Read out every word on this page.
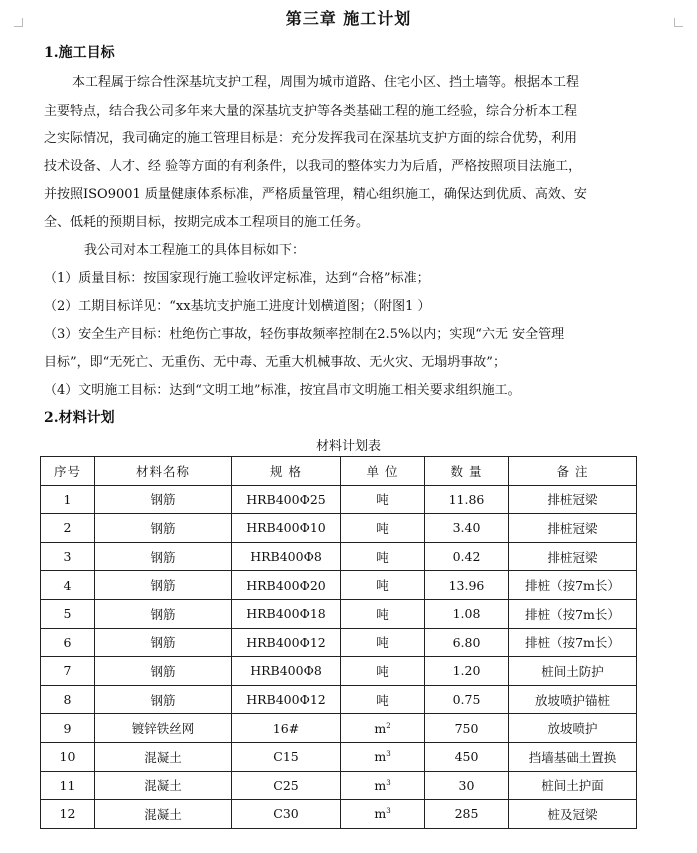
第三章 施工计划
1.施工目标
本工程属于综合性深基坑支护工程，周围为城市道路、住宅小区、挡土墙等。根据本工程
主要特点，结合我公司多年来大量的深基坑支护等各类基础工程的施工经验，综合分析本工程
之实际情况，我司确定的施工管理目标是：充分发挥我司在深基坑支护方面的综合优势，利用
技术设备、人才、经 验等方面的有利条件，以我司的整体实力为后盾，严格按照项目法施工，
并按照ISO9001 质量健康体系标准，严格质量管理，精心组织施工，确保达到优质、高效、安
全、低耗的预期目标，按期完成本工程项目的施工任务。
我公司对本工程施工的具体目标如下：
（1）质量目标：按国家现行施工验收评定标准，达到“合格”标准；
（2）工期目标详见：“xx基坑支护施工进度计划横道图；（附图1 ）
（3）安全生产目标：杜绝伤亡事故，轻伤事故频率控制在2.5%以内；实现“六无 安全管理
目标”，即“无死亡、无重伤、无中毒、无重大机械事故、无火灾、无塌坍事故”；
（4）文明施工目标：达到“文明工地”标准，按宜昌市文明施工相关要求组织施工。
2.材料计划
材料计划表
序号	材料名称	规 格	单 位	数 量	备 注
1	钢筋	HRB400Φ25	吨	11.86	排桩冠梁
2	钢筋	HRB400Φ10	吨	3.40	排桩冠梁
3	钢筋	HRB400Φ8	吨	0.42	排桩冠梁
4	钢筋	HRB400Φ20	吨	13.96	排桩（按7m长）
5	钢筋	HRB400Φ18	吨	1.08	排桩（按7m长）
6	钢筋	HRB400Φ12	吨	6.80	排桩（按7m长）
7	钢筋	HRB400Φ8	吨	1.20	桩间土防护
8	钢筋	HRB400Φ12	吨	0.75	放坡喷护锚桩
9	镀锌铁丝网	16#	$m^2$	750	放坡喷护
10	混凝土	C15	$m^3$	450	挡墙基础土置换
11	混凝土	C25	$m^3$	30	桩间土护面
12	混凝土	C30	$m^3$	285	桩及冠梁
